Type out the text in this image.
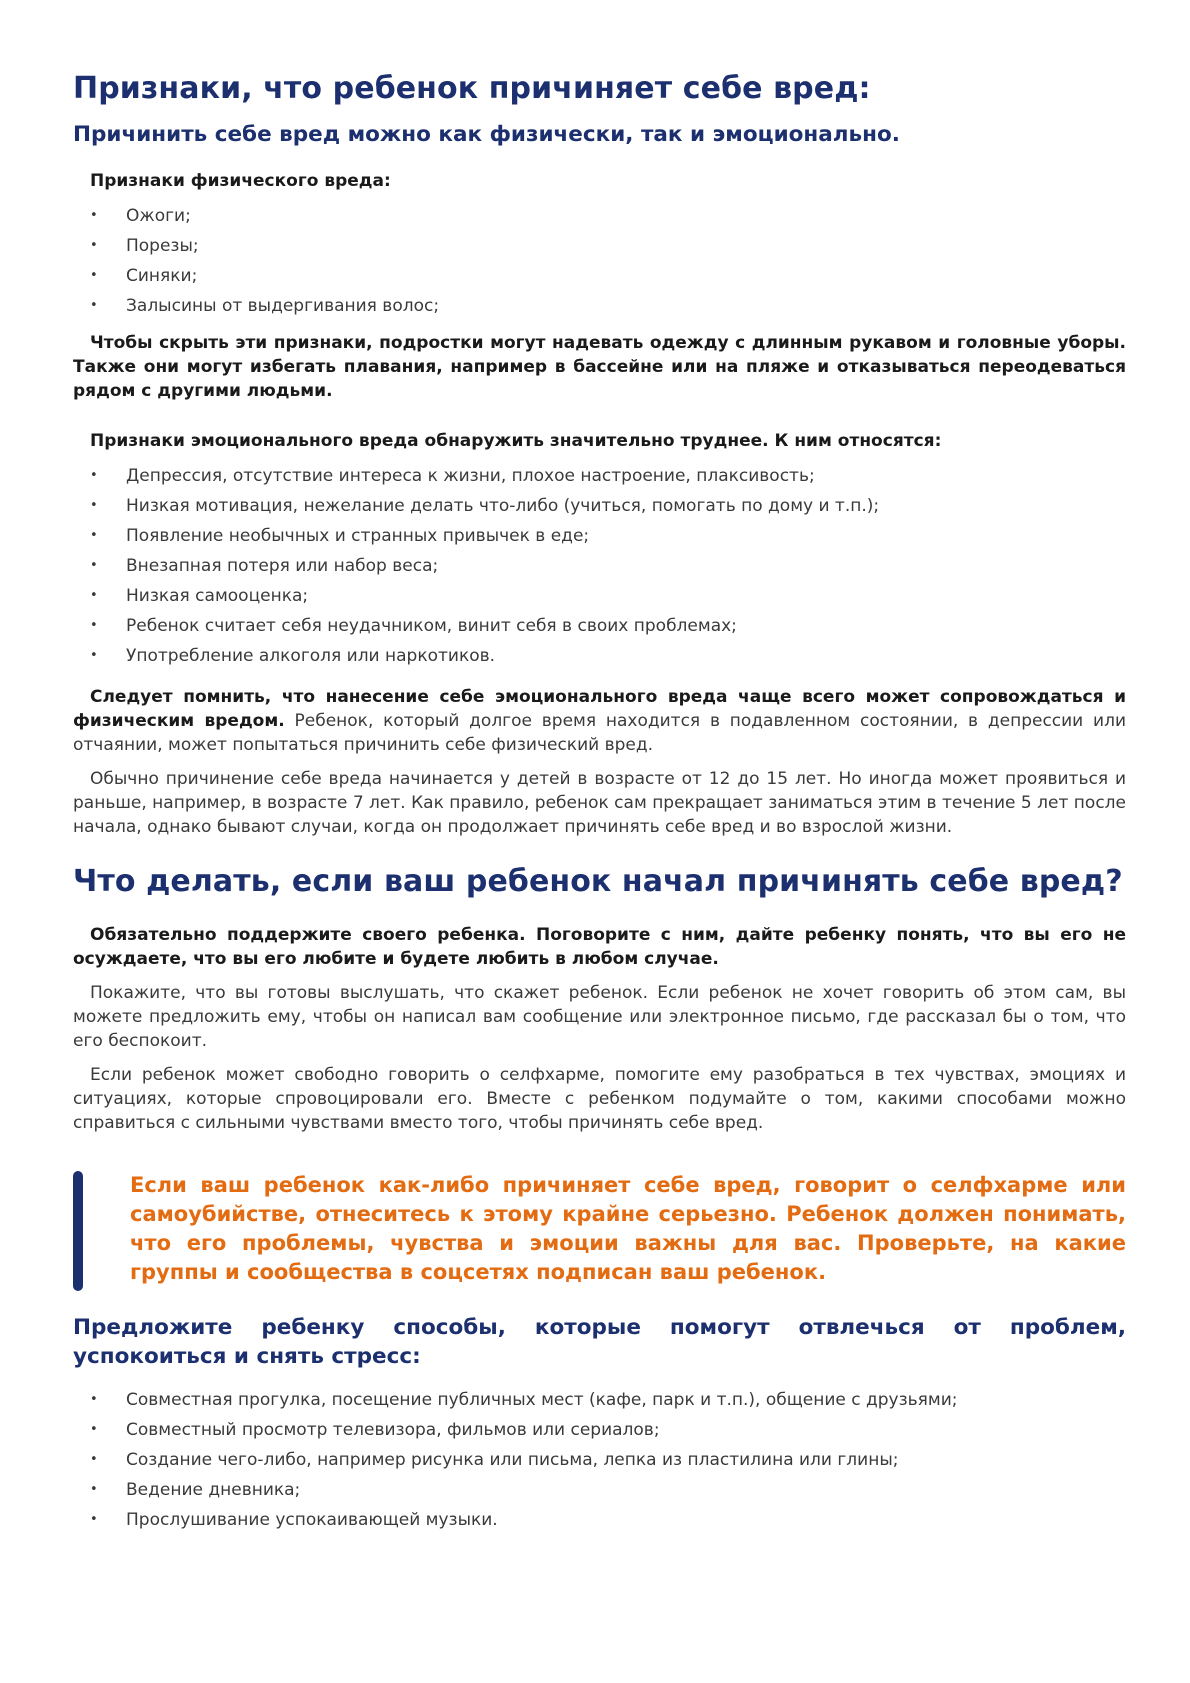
Признаки, что ребенок причиняет себе вред:
Причинить себе вред можно как физически, так и эмоционально.

Признаки физического вреда:

• Ожоги;
• Порезы;
• Синяки;
• Залысины от выдергивания волос;

Чтобы скрыть эти признаки, подростки могут надевать одежду с длинным рукавом и головные уборы. Также они могут избегать плавания, например в бассейне или на пляже и отказываться переодеваться рядом с другими людьми.

Признаки эмоционального вреда обнаружить значительно труднее. К ним относятся:

• Депрессия, отсутствие интереса к жизни, плохое настроение, плаксивость;
• Низкая мотивация, нежелание делать что-либо (учиться, помогать по дому и т.п.);
• Появление необычных и странных привычек в еде;
• Внезапная потеря или набор веса;
• Низкая самооценка;
• Ребенок считает себя неудачником, винит себя в своих проблемах;
• Употребление алкоголя или наркотиков.

Следует помнить, что нанесение себе эмоционального вреда чаще всего может сопровождаться и физическим вредом. Ребенок, который долгое время находится в подавленном состоянии, в депрессии или отчаянии, может попытаться причинить себе физический вред.

Обычно причинение себе вреда начинается у детей в возрасте от 12 до 15 лет. Но иногда может проявиться и раньше, например, в возрасте 7 лет. Как правило, ребенок сам прекращает заниматься этим в течение 5 лет после начала, однако бывают случаи, когда он продолжает причинять себе вред и во взрослой жизни.

Что делать, если ваш ребенок начал причинять себе вред?

Обязательно поддержите своего ребенка. Поговорите с ним, дайте ребенку понять, что вы его не осуждаете, что вы его любите и будете любить в любом случае.

Покажите, что вы готовы выслушать, что скажет ребенок. Если ребенок не хочет говорить об этом сам, вы можете предложить ему, чтобы он написал вам сообщение или электронное письмо, где рассказал бы о том, что его беспокоит.

Если ребенок может свободно говорить о селфхарме, помогите ему разобраться в тех чувствах, эмоциях и ситуациях, которые спровоцировали его. Вместе с ребенком подумайте о том, какими способами можно справиться с сильными чувствами вместо того, чтобы причинять себе вред.

Если ваш ребенок как-либо причиняет себе вред, говорит о селфхарме или самоубийстве, отнеситесь к этому крайне серьезно. Ребенок должен понимать, что его проблемы, чувства и эмоции важны для вас. Проверьте, на какие группы и сообщества в соцсетях подписан ваш ребенок.

Предложите ребенку способы, которые помогут отвлечься от проблем, успокоиться и снять стресс:
• Совместная прогулка, посещение публичных мест (кафе, парк и т.п.), общение с друзьями;
• Совместный просмотр телевизора, фильмов или сериалов;
• Создание чего-либо, например рисунка или письма, лепка из пластилина или глины;
• Ведение дневника;
• Прослушивание успокаивающей музыки.
